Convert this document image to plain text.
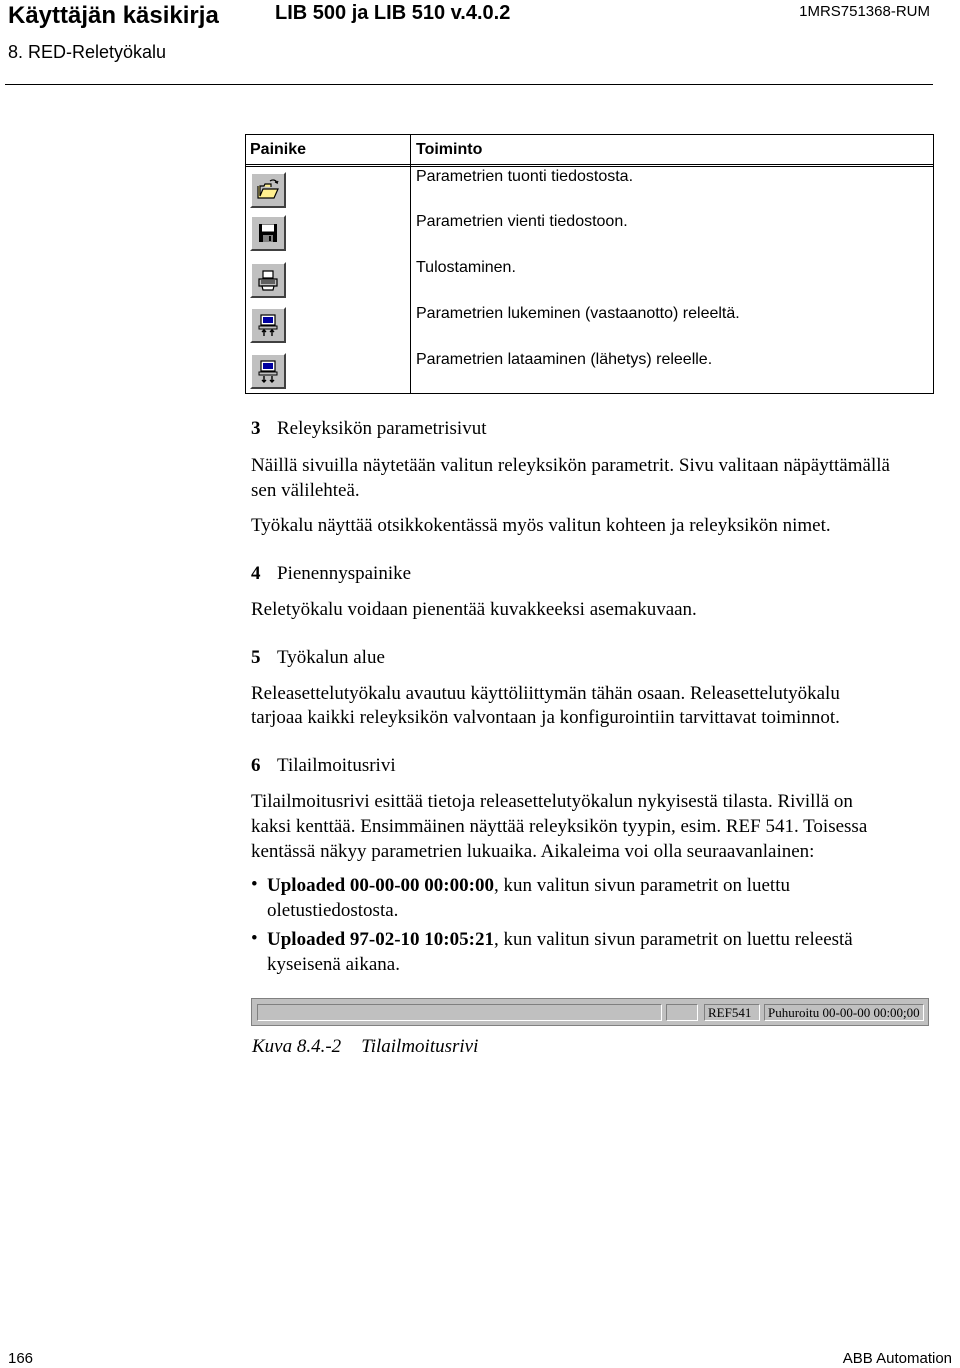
Käyttäjän käsikirja	LIB 500 ja LIB 510 v.4.0.2	1MRS751368-RUM
8. RED-Reletyökalu
Painike	Toiminto
Parametrien tuonti tiedostosta.
Parametrien vienti tiedostoon.
Tulostaminen.
Parametrien lukeminen (vastaanotto) releeltä.
Parametrien lataaminen (lähetys) releelle.
3 Releyksikön parametrisivut
Näillä sivuilla näytetään valitun releyksikön parametrit. Sivu valitaan näpäyttämällä
sen välilehteä.
Työkalu näyttää otsikkokentässä myös valitun kohteen ja releyksikön nimet.
4 Pienennyspainike
Reletyökalu voidaan pienentää kuvakkeeksi asemakuvaan.
5 Työkalun alue
Releasettelutyökalu avautuu käyttöliittymän tähän osaan. Releasettelutyökalu
tarjoaa kaikki releyksikön valvontaan ja konfigurointiin tarvittavat toiminnot.
6 Tilailmoitusrivi
Tilailmoitusrivi esittää tietoja releasettelutyökalun nykyisestä tilasta. Rivillä on
kaksi kenttää. Ensimmäinen näyttää releyksikön tyypin, esim. REF 541. Toisessa
kentässä näkyy parametrien lukuaika. Aikaleima voi olla seuraavanlainen:
• Uploaded 00-00-00 00:00:00, kun valitun sivun parametrit on luettu
oletustiedostosta.
• Uploaded 97-02-10 10:05:21, kun valitun sivun parametrit on luettu releestä
kyseisenä aikana.
REF541	Puhuroitu 00-00-00 00:00;00
Kuva 8.4.-2 Tilailmoitusrivi
166	ABB Automation
